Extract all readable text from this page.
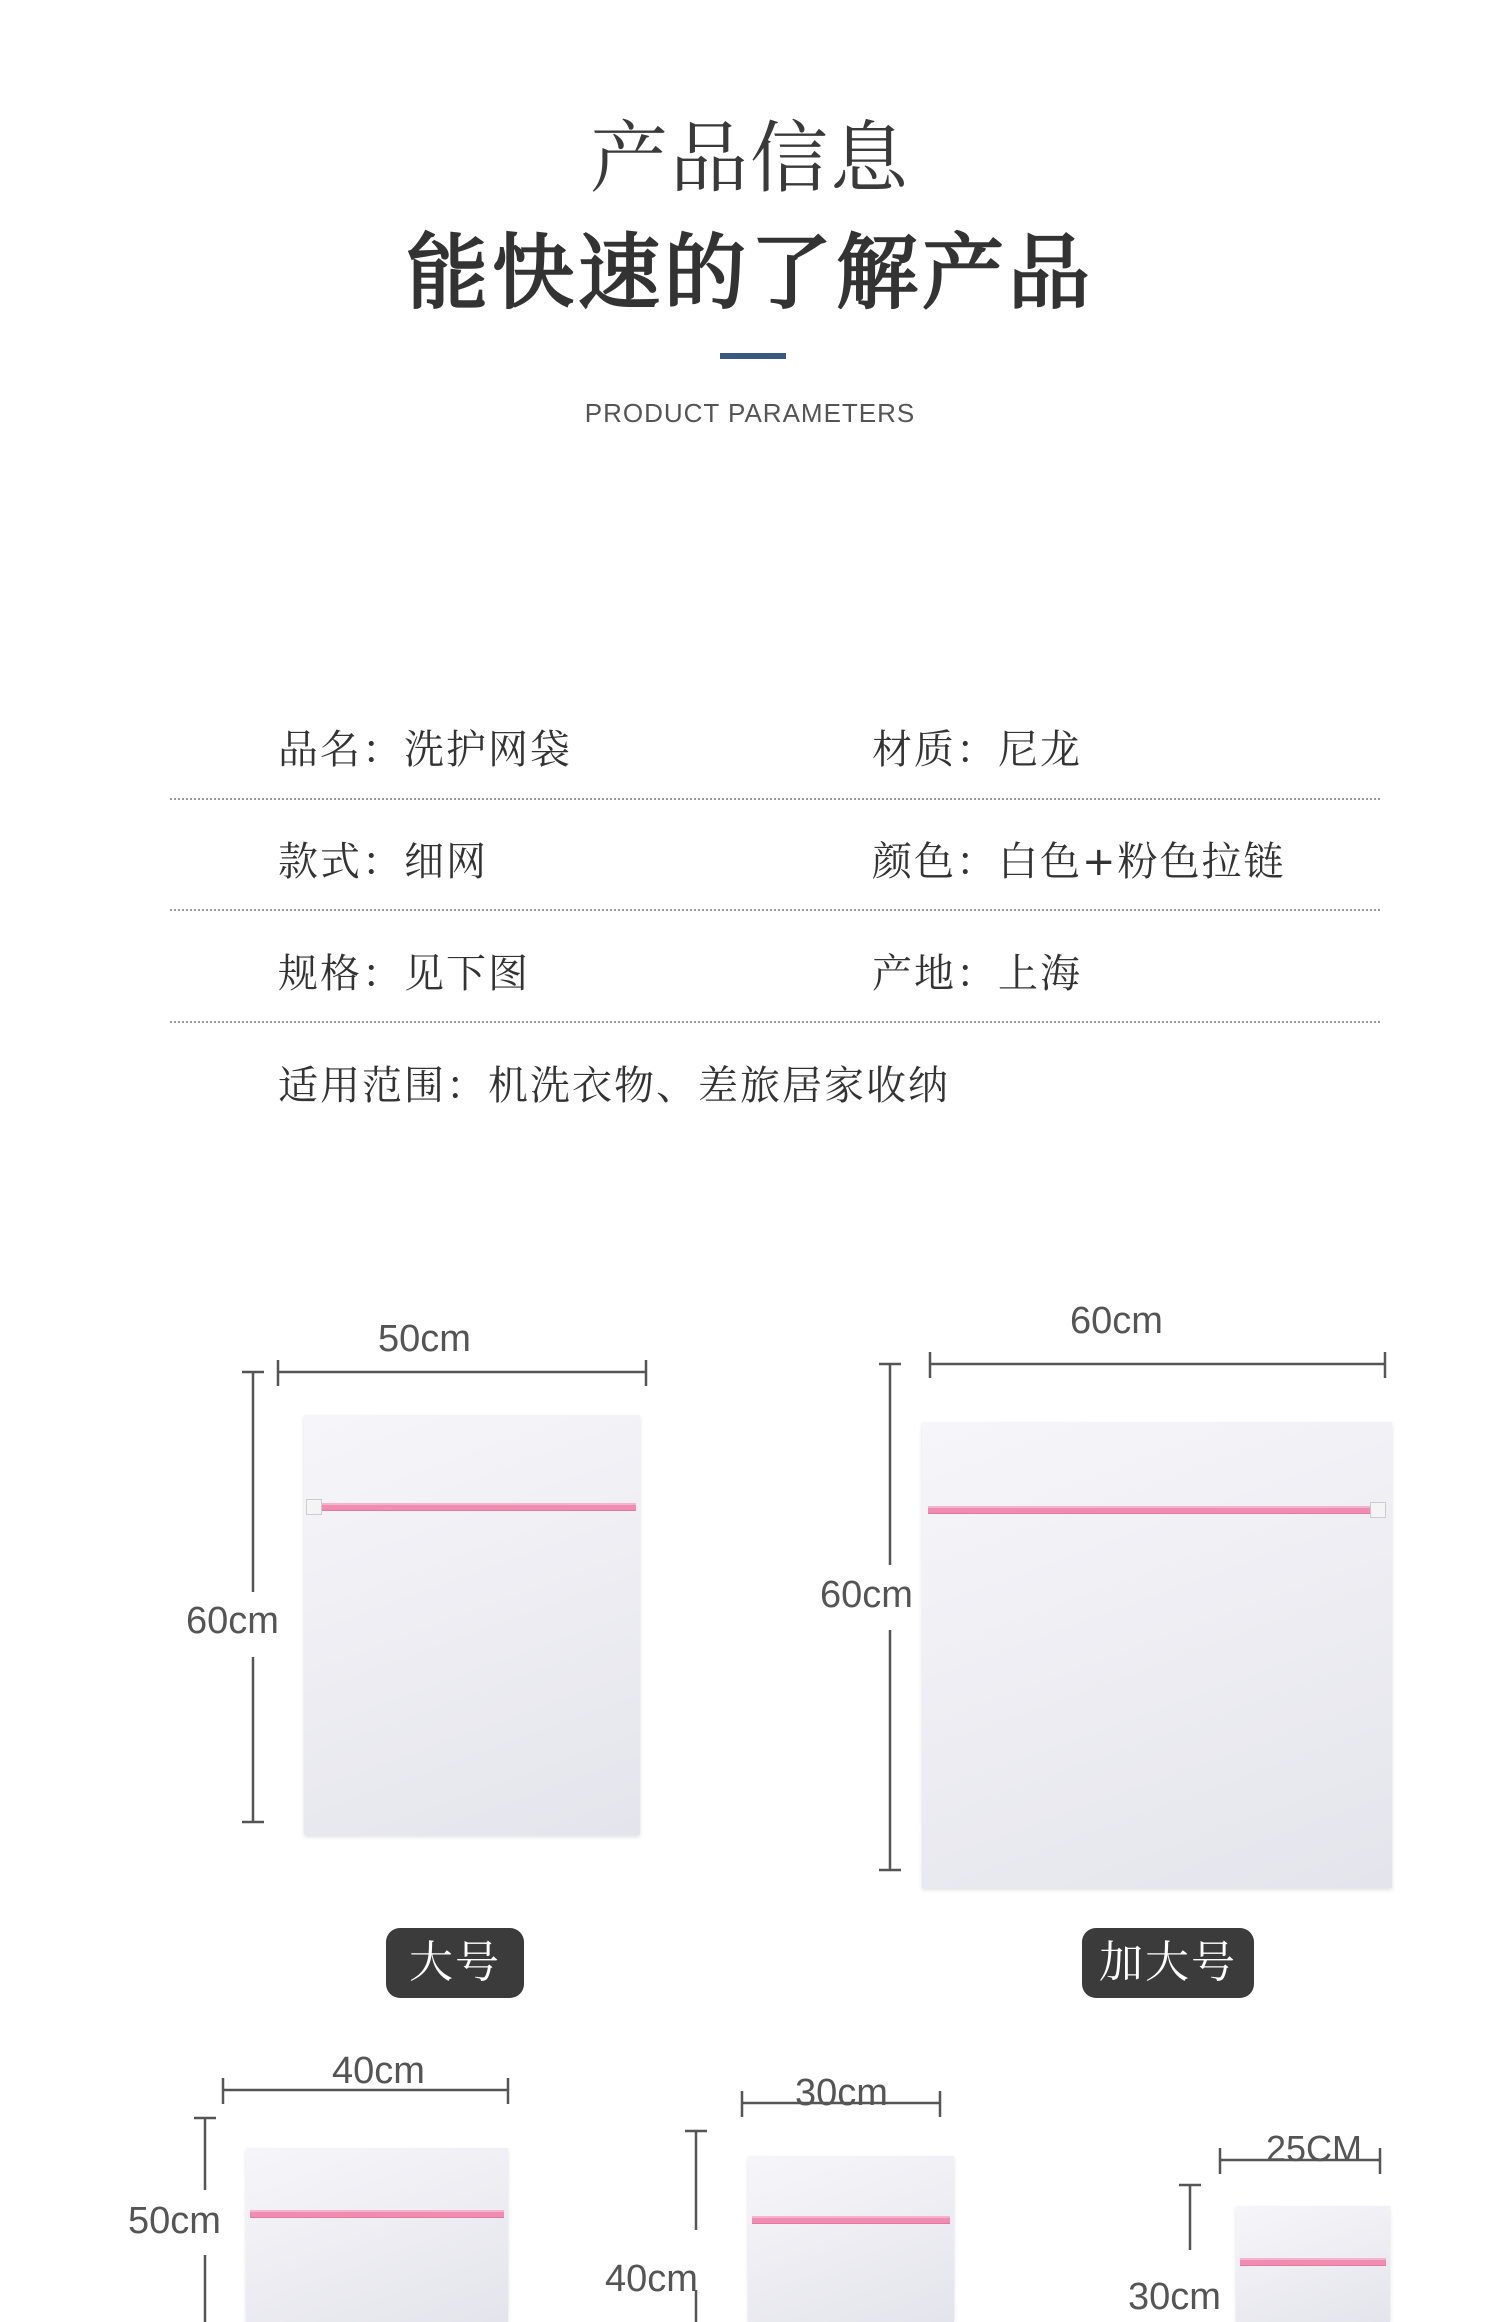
产品信息
能快速的了解产品
PRODUCT PARAMETERS
品名：洗护网袋	材质：尼龙
款式：细网	颜色：白色+粉色拉链
规格：见下图	产地：上海
适用范围：机洗衣物、差旅居家收纳
50cm
60cm
大号
60cm
60cm
加大号
40cm
50cm
30cm
40cm
25CM
30cm
